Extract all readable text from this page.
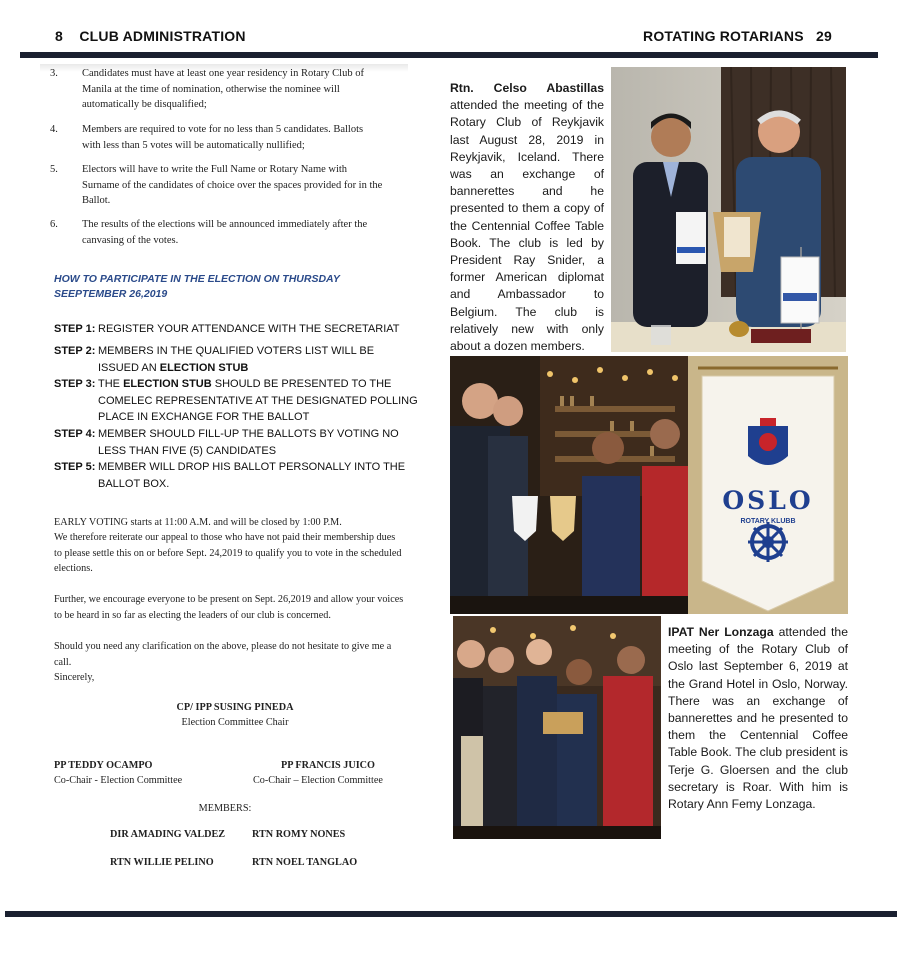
8 CLUB ADMINISTRATION	ROTATING ROTARIANS 29
3. Candidates must have at least one year residency in Rotary Club of Manila at the time of nomination, otherwise the nominee will automatically be disqualified;
4. Members are required to vote for no less than 5 candidates. Ballots with less than 5 votes will be automatically nullified;
5. Electors will have to write the Full Name or Rotary Name with Surname of the candidates of choice over the spaces provided for in the Ballot.
6. The results of the elections will be announced immediately after the canvasing of the votes.
HOW TO PARTICIPATE IN THE ELECTION ON THURSDAY SEEPTEMBER 26,2019
STEP 1: REGISTER YOUR ATTENDANCE WITH THE SECRETARIAT
STEP 2: MEMBERS IN THE QUALIFIED VOTERS LIST WILL BE ISSUED AN ELECTION STUB
STEP 3: THE ELECTION STUB SHOULD BE PRESENTED TO THE COMELEC REPRESENTATIVE AT THE DESIGNATED POLLING PLACE IN EXCHANGE FOR THE BALLOT
STEP 4: MEMBER SHOULD FILL-UP THE BALLOTS BY VOTING NO LESS THAN FIVE (5) CANDIDATES
STEP 5: MEMBER WILL DROP HIS BALLOT PERSONALLY INTO THE BALLOT BOX.
EARLY VOTING starts at 11:00 A.M. and will be closed by 1:00 P.M.
We therefore reiterate our appeal to those who have not paid their membership dues to please settle this on or before Sept. 24,2019 to qualify you to vote in the scheduled elections.
Further, we encourage everyone to be present on Sept. 26,2019 and allow your voices to be heard in so far as electing the leaders of our club is concerned.
Should you need any clarification on the above, please do not hesitate to give me a call.
Sincerely,
CP/ IPP SUSING PINEDA
Election Committee Chair
PP TEDDY OCAMPO
Co-Chair - Election Committee
PP FRANCIS JUICO
Co-Chair – Election Committee
MEMBERS:
DIR AMADING VALDEZ	RTN ROMY NONES
RTN WILLIE PELINO	RTN NOEL TANGLAO
Rtn. Celso Abastillas attended the meeting of the Rotary Club of Reykjavik last August 28, 2019 in Reykjavik, Iceland. There was an exchange of bannerettes and he presented to them a copy of the Centennial Coffee Table Book. The club is led by President Ray Snider, a former American diplomat and Ambassador to Belgium. The club is relatively new with only about a dozen members.
OSLO
ROTARY KLUBB
IPAT Ner Lonzaga attended the meeting of the Rotary Club of Oslo last September 6, 2019 at the Grand Hotel in Oslo, Norway. There was an exchange of bannerettes and he presented to them the Centennial Coffee Table Book. The club president is Terje G. Gloersen and the club secretary is Roar. With him is Rotary Ann Femy Lonzaga.
